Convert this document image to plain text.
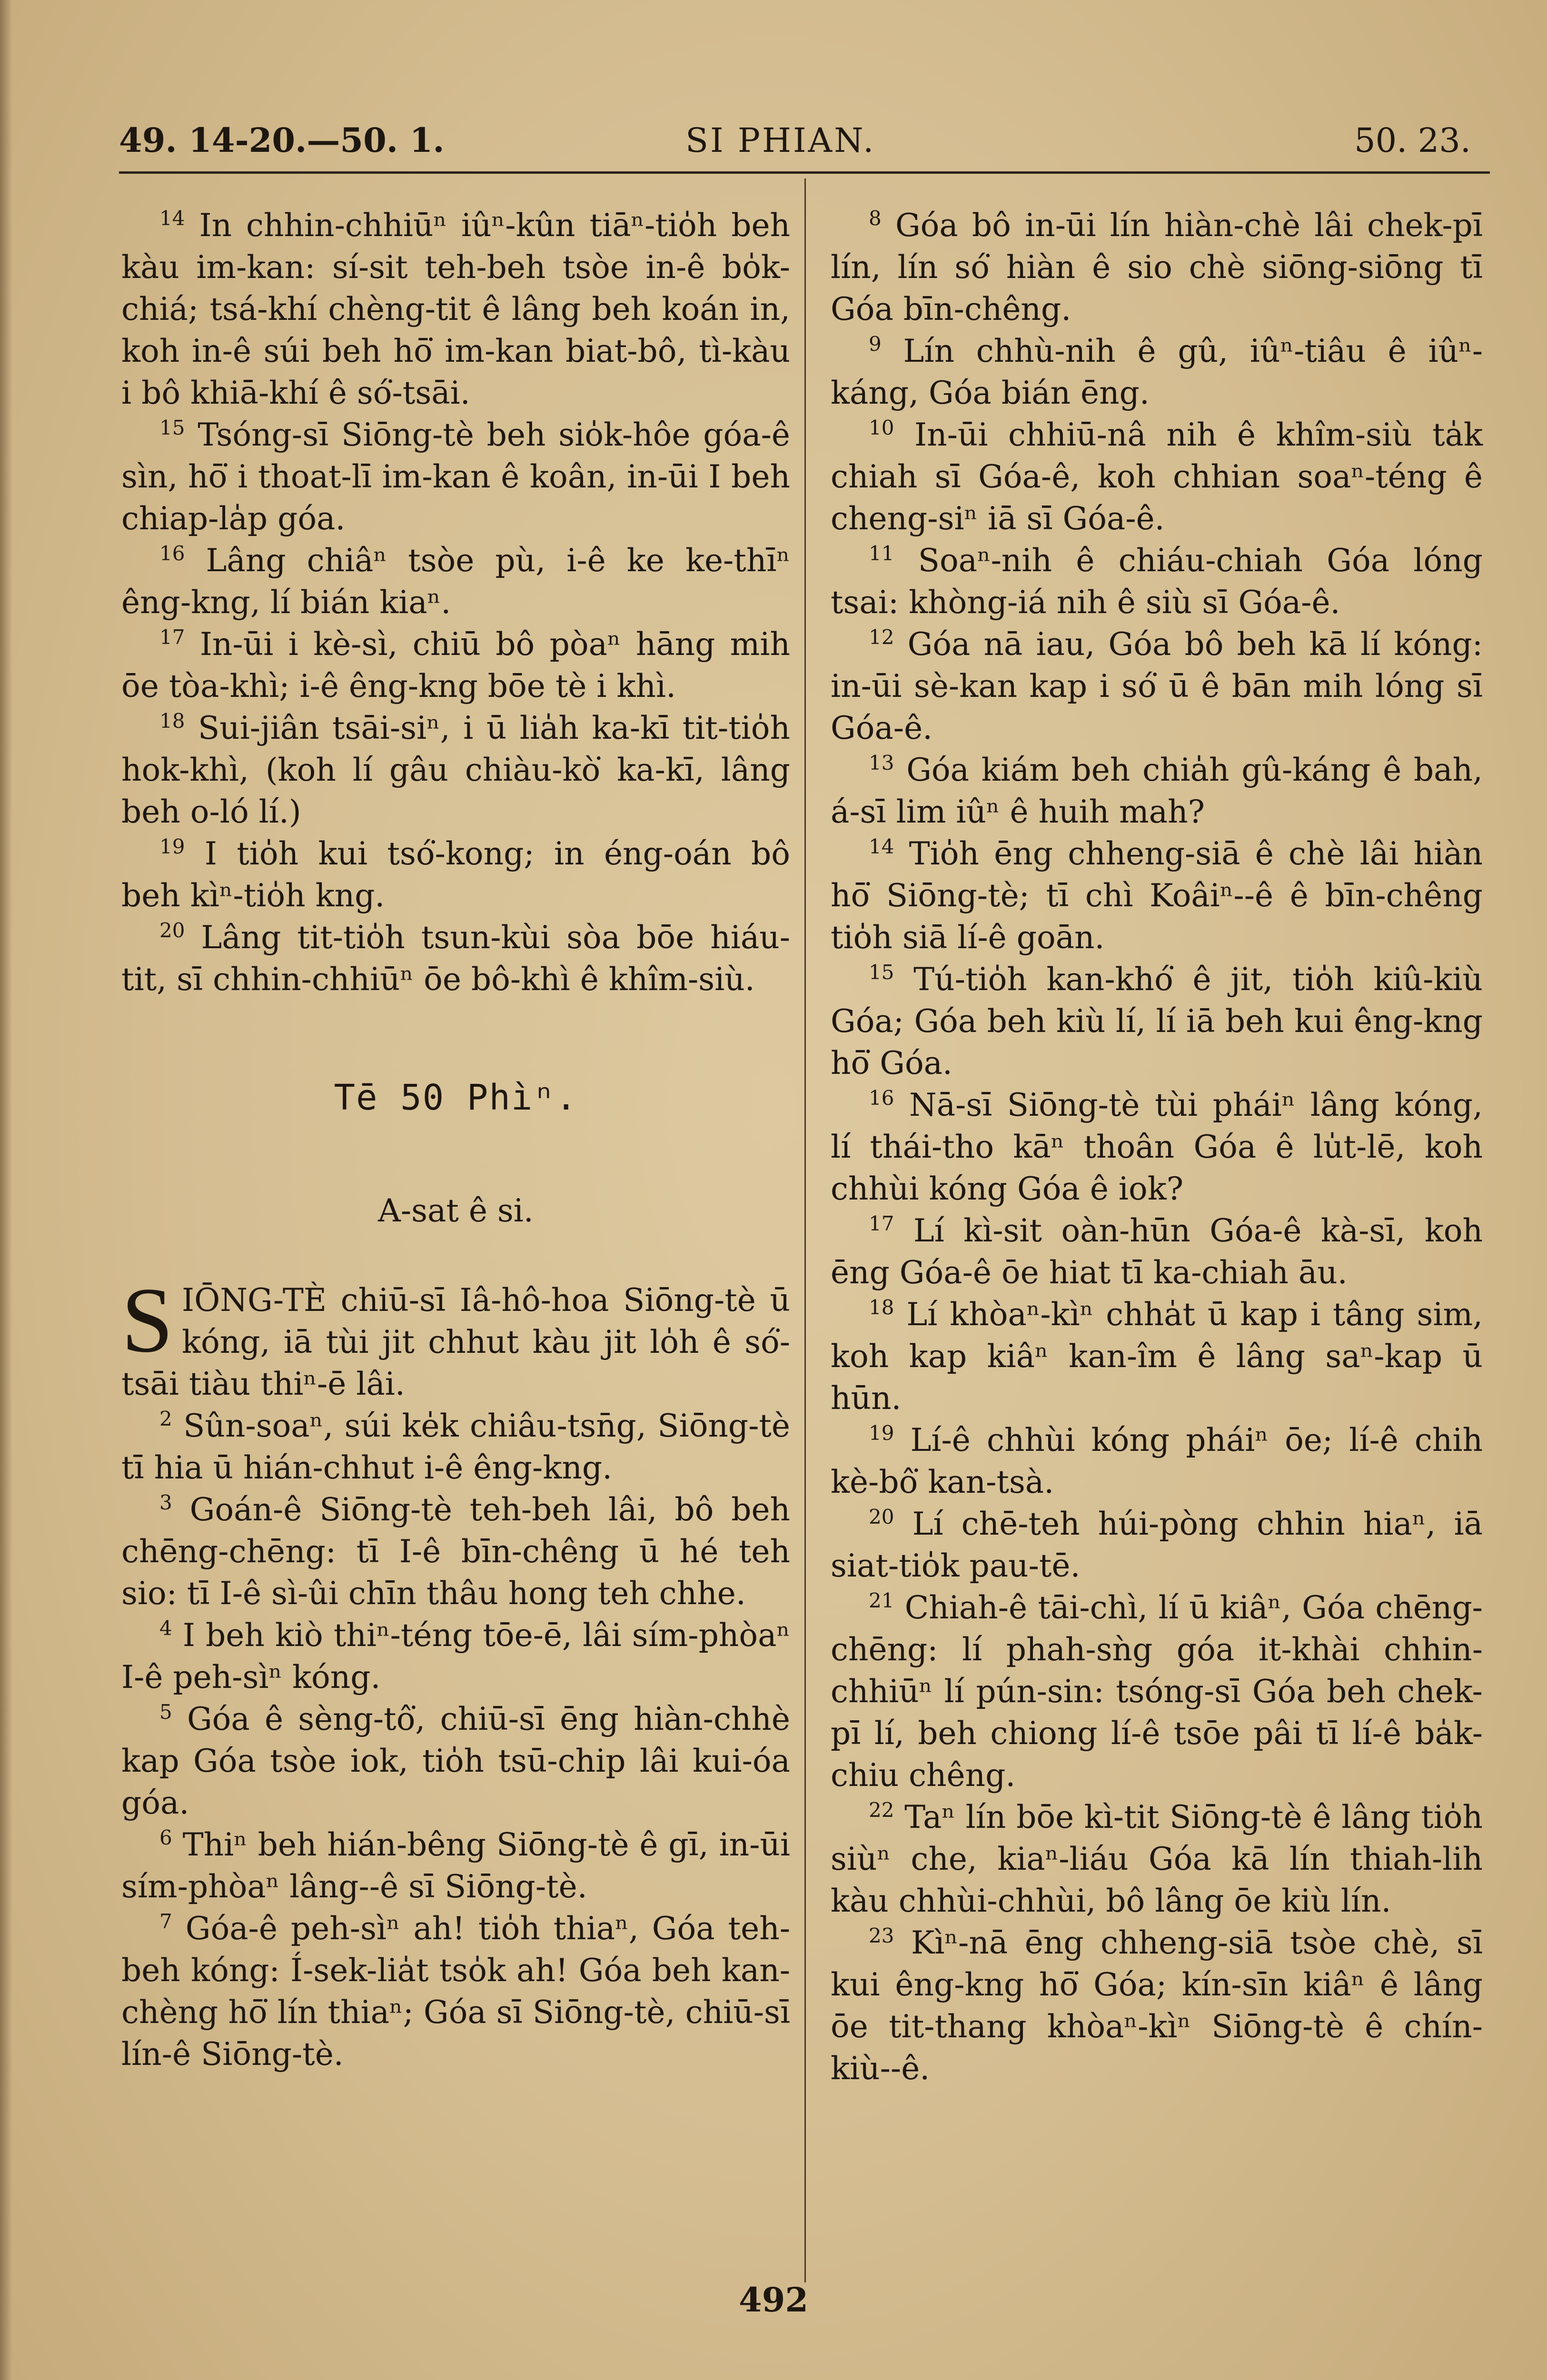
49. 14-20.—50. 1.	SI PHIAN.	50. 23.

$^{14}$ In chhin-chhiūⁿ iûⁿ-kûn tiāⁿ-tio̍h beh kàu im-kan: sí-sit teh-beh tsòe in-ê bo̍k-chiá; tsá-khí chèng-tit ê lâng beh koán in, koh in-ê súi beh hō͘ im-kan biat-bô, tì-kàu i bô khiā-khí ê só͘-tsāi.

$^{15}$ Tsóng-sī Siōng-tè beh sio̍k-hôe góa-ê sìn, hō͘ i thoat-lī im-kan ê koân, in-ūi I beh chiap-la̍p góa.

$^{16}$ Lâng chiâⁿ tsòe pù, i-ê ke ke-thīⁿ êng-kng, lí bián kiaⁿ.

$^{17}$ In-ūi i kè-sì, chiū bô pòaⁿ hāng mih ōe tòa-khì; i-ê êng-kng bōe tè i khì.

$^{18}$ Sui-jiân tsāi-siⁿ, i ū lia̍h ka-kī tit-tio̍h hok-khì, (koh lí gâu chiàu-kò͘ ka-kī, lâng beh o-ló lí.)

$^{19}$ I tio̍h kui tsó͘-kong; in éng-oán bô beh kìⁿ-tio̍h kng.

$^{20}$ Lâng tit-tio̍h tsun-kùi sòa bōe hiáu-tit, sī chhin-chhiūⁿ ōe bô-khì ê khîm-siù.

Tē 50 Phìⁿ.
A-sat ê si.

S IŌNG-TÈ chiū-sī Iâ-hô-hoa Siōng-tè ū kóng, iā tùi jit chhut kàu jit lo̍h ê só͘-tsāi tiàu thiⁿ-ē lâi.

$^2$ Sûn-soaⁿ, súi ke̍k chiâu-tsn̄g, Siōng-tè tī hia ū hián-chhut i-ê êng-kng.

$^3$ Goán-ê Siōng-tè teh-beh lâi, bô beh chēng-chēng: tī I-ê bīn-chêng ū hé teh sio: tī I-ê sì-ûi chīn thâu hong teh chhe.

$^4$ I beh kiò thiⁿ-téng tōe-ē, lâi sím-phòaⁿ I-ê peh-sìⁿ kóng.

$^5$ Góa ê sèng-tô͘, chiū-sī ēng hiàn-chhè kap Góa tsòe iok, tio̍h tsū-chip lâi kui-óa góa.

$^6$ Thiⁿ beh hián-bêng Siōng-tè ê gī, in-ūi sím-phòaⁿ lâng--ê sī Siōng-tè.

$^7$ Góa-ê peh-sìⁿ ah! tio̍h thiaⁿ, Góa teh-beh kóng: Í-sek-lia̍t tso̍k ah! Góa beh kan-chèng hō͘ lín thiaⁿ; Góa sī Siōng-tè, chiū-sī lín-ê Siōng-tè.

$^8$ Góa bô in-ūi lín hiàn-chè lâi chek-pī lín, lín só͘ hiàn ê sio chè siōng-siōng tī Góa bīn-chêng.

$^9$ Lín chhù-nih ê gû, iûⁿ-tiâu ê iûⁿ-káng, Góa bián ēng.

$^{10}$ In-ūi chhiū-nâ nih ê khîm-siù ta̍k chiah sī Góa-ê, koh chhian soaⁿ-téng ê cheng-siⁿ iā sī Góa-ê.

$^{11}$ Soaⁿ-nih ê chiáu-chiah Góa lóng tsai: khòng-iá nih ê siù sī Góa-ê.

$^{12}$ Góa nā iau, Góa bô beh kā lí kóng: in-ūi sè-kan kap i só͘ ū ê bān mih lóng sī Góa-ê.

$^{13}$ Góa kiám beh chia̍h gû-káng ê bah, á-sī lim iûⁿ ê huih mah?

$^{14}$ Tio̍h ēng chheng-siā ê chè lâi hiàn hō͘ Siōng-tè; tī chì Koâiⁿ--ê ê bīn-chêng tio̍h siā lí-ê goān.

$^{15}$ Tú-tio̍h kan-khó͘ ê jit, tio̍h kiû-kiù Góa; Góa beh kiù lí, lí iā beh kui êng-kng hō͘ Góa.

$^{16}$ Nā-sī Siōng-tè tùi pháiⁿ lâng kóng, lí thái-tho kāⁿ thoân Góa ê lu̍t-lē, koh chhùi kóng Góa ê iok?

$^{17}$ Lí kì-sit oàn-hūn Góa-ê kà-sī, koh ēng Góa-ê ōe hiat tī ka-chiah āu.

$^{18}$ Lí khòaⁿ-kìⁿ chha̍t ū kap i tâng sim, koh kap kiâⁿ kan-îm ê lâng saⁿ-kap ū hūn.

$^{19}$ Lí-ê chhùi kóng pháiⁿ ōe; lí-ê chih kè-bô͘ kan-tsà.

$^{20}$ Lí chē-teh húi-pòng chhin hiaⁿ, iā siat-tio̍k pau-tē.

$^{21}$ Chiah-ê tāi-chì, lí ū kiâⁿ, Góa chēng-chēng: lí phah-sǹg góa it-khài chhin-chhiūⁿ lí pún-sin: tsóng-sī Góa beh chek-pī lí, beh chiong lí-ê tsōe pâi tī lí-ê ba̍k-chiu chêng.

$^{22}$ Taⁿ lín bōe kì-tit Siōng-tè ê lâng tio̍h siùⁿ che, kiaⁿ-liáu Góa kā lín thiah-lih kàu chhùi-chhùi, bô lâng ōe kiù lín.

$^{23}$ Kìⁿ-nā ēng chheng-siā tsòe chè, sī kui êng-kng hō͘ Góa; kín-sīn kiâⁿ ê lâng ōe tit-thang khòaⁿ-kìⁿ Siōng-tè ê chín-kiù--ê.

492
